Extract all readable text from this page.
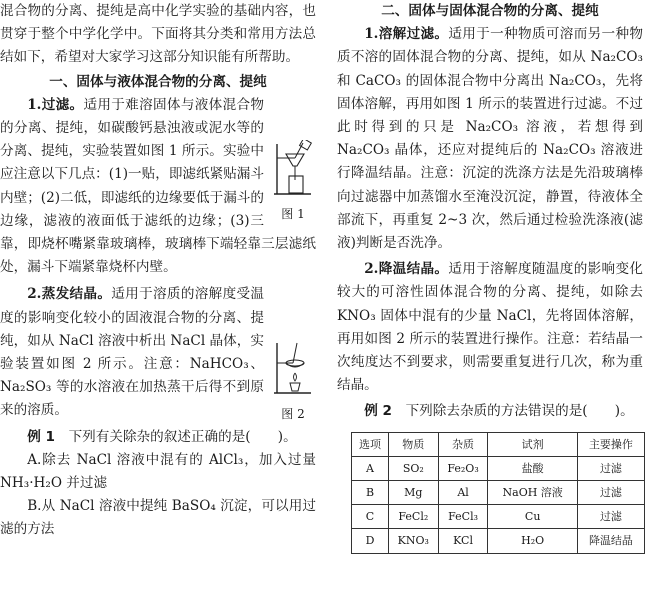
混合物的分离、提纯是高中化学实验的基础内容，也贯穿于整个中学化学中。下面将其分类和常用方法总结如下，希望对大家学习这部分知识能有所帮助。

一、固体与液体混合物的分离、提纯

图 1

1.过滤。适用于难溶固体与液体混合物的分离、提纯，如碳酸钙悬浊液或泥水等的分离、提纯，实验装置如图 1 所示。实验中应注意以下几点：(1)一贴，即滤纸紧贴漏斗内壁；(2)二低，即滤纸的边缘要低于漏斗的边缘，滤液的液面低于滤纸的边缘；(3)三靠，即烧杯嘴紧靠玻璃棒，玻璃棒下端轻靠三层滤纸处，漏斗下端紧靠烧杯内壁。

图 2

2.蒸发结晶。适用于溶质的溶解度受温度的影响变化较小的固液混合物的分离、提纯，如从 NaCl 溶液中析出 NaCl 晶体，实验装置如图 2 所示。注意：NaHCO₃、Na₂SO₃ 等的水溶液在加热蒸干后得不到原来的溶质。

例 1　 下列有关除杂的叙述正确的是(　　)。

A.除去 NaCl 溶液中混有的 AlCl₃，加入过量 NH₃·H₂O 并过滤

B.从 NaCl 溶液中提纯 BaSO₄ 沉淀，可以用过滤的方法

二、固体与固体混合物的分离、提纯

1.溶解过滤。适用于一种物质可溶而另一种物质不溶的固体混合物的分离、提纯，如从 Na₂CO₃ 和 CaCO₃ 的固体混合物中分离出 Na₂CO₃，先将固体溶解，再用如图 1 所示的装置进行过滤。不过此时得到的只是 Na₂CO₃ 溶液，若想得到 Na₂CO₃ 晶体，还应对提纯后的 Na₂CO₃ 溶液进行降温结晶。注意：沉淀的洗涤方法是先沿玻璃棒向过滤器中加蒸馏水至淹没沉淀，静置，待液体全部流下，再重复 2~3 次，然后通过检验洗涤液(滤液)判断是否洗净。

2.降温结晶。适用于溶解度随温度的影响变化较大的可溶性固体混合物的分离、提纯，如除去 KNO₃ 固体中混有的少量 NaCl，先将固体溶解，再用如图 2 所示的装置进行操作。注意：若结晶一次纯度达不到要求，则需要重复进行几次，称为重结晶。

例 2　 下列除去杂质的方法错误的是(　　)。

选项	物质	杂质	试剂	主要操作
A	SO₂	Fe₂O₃	盐酸	过滤
B	Mg	Al	NaOH 溶液	过滤
C	FeCl₂	FeCl₃	Cu	过滤
D	KNO₃	KCl	H₂O	降温结晶
